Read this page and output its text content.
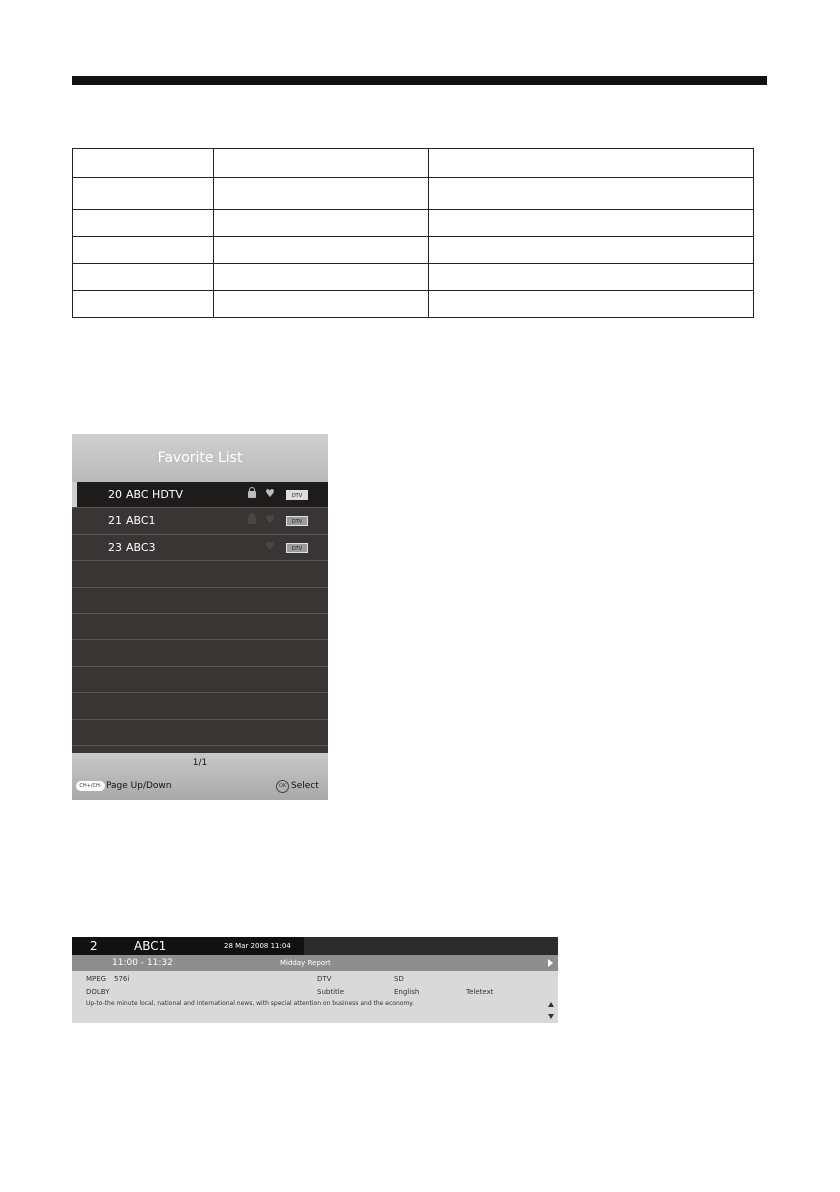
Favorite List
20 ABC HDTV	♥	DTV
21 ABC1	♥	DTV
23 ABC3	♥	DTV
1/1
CH+/CH- Page Up/Down	OK Select
2	ABC1	28 Mar 2008 11:04
11:00 - 11:32	Midday Report
MPEG 576i	DTV	SD
DOLBY	Subtitle	English	Teletext
Up-to-the minute local, national and international news, with special attention on business and the economy.
